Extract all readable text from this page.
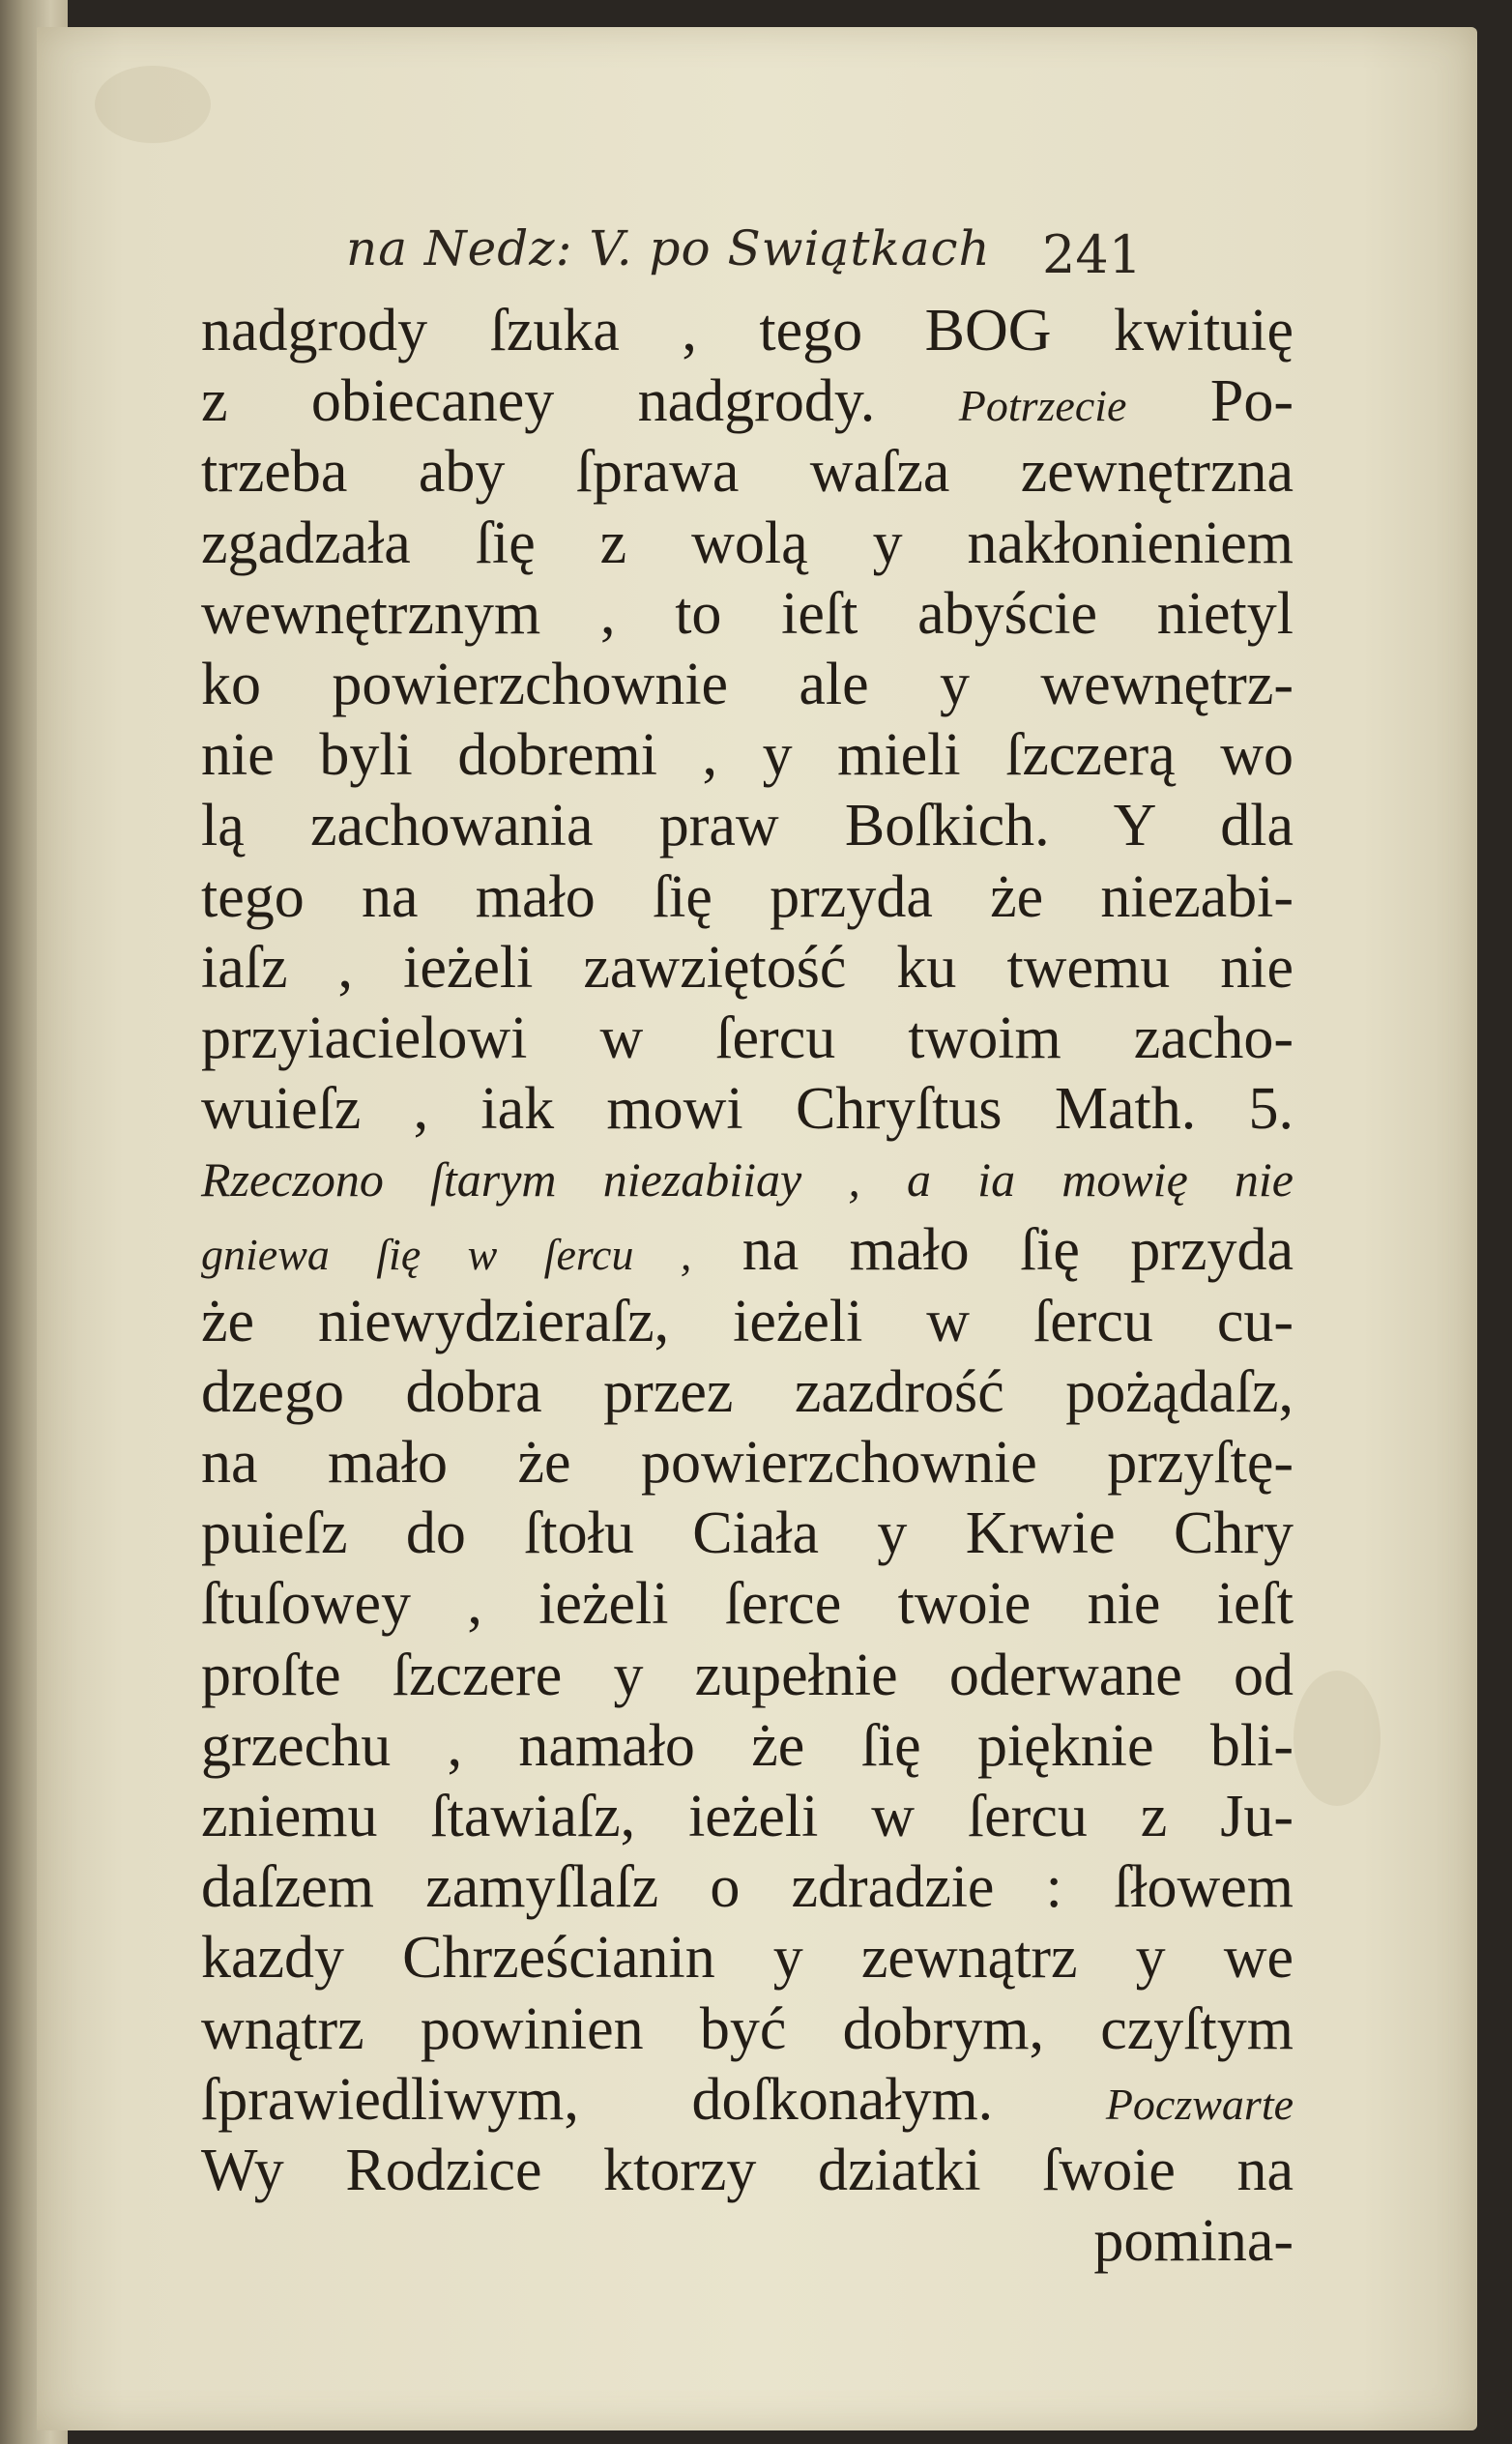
na Nedz: V. po Swiątkach 241
nadgrody ſzuka , tego BOG kwituię
z obiecaney nadgrody. Potrzecie Po-
trzeba aby ſprawa waſza zewnętrzna
zgadzała ſię z wolą y nakłonieniem
wewnętrznym , to ieſt abyście nietyl
ko powierzchownie ale y wewnętrz-
nie byli dobremi , y mieli ſzczerą wo
lą zachowania praw Boſkich. Y dla
tego na mało ſię przyda że niezabi-
iaſz , ieżeli zawziętość ku twemu nie
przyiacielowi w ſercu twoim zacho-
wuieſz , iak mowi Chryſtus Math. 5.
Rzeczono ſtarym niezabiiay , a ia mowię nie
gniewa ſię w ſercu , na mało ſię przyda
że niewydzieraſz, ieżeli w ſercu cu-
dzego dobra przez zazdrość pożądaſz,
na mało że powierzchownie przyſtę-
puieſz do ſtołu Ciała y Krwie Chry
ſtuſowey , ieżeli ſerce twoie nie ieſt
proſte ſzczere y zupełnie oderwane od
grzechu , namało że ſię pięknie bli-
zniemu ſtawiaſz, ieżeli w ſercu z Ju-
daſzem zamyſlaſz o zdradzie : ſłowem
kazdy Chrześcianin y zewnątrz y we
wnątrz powinien być dobrym, czyſtym
ſprawiedliwym, doſkonałym.	Poczwarte
Wy Rodzice ktorzy dziatki ſwoie na
pomina-
